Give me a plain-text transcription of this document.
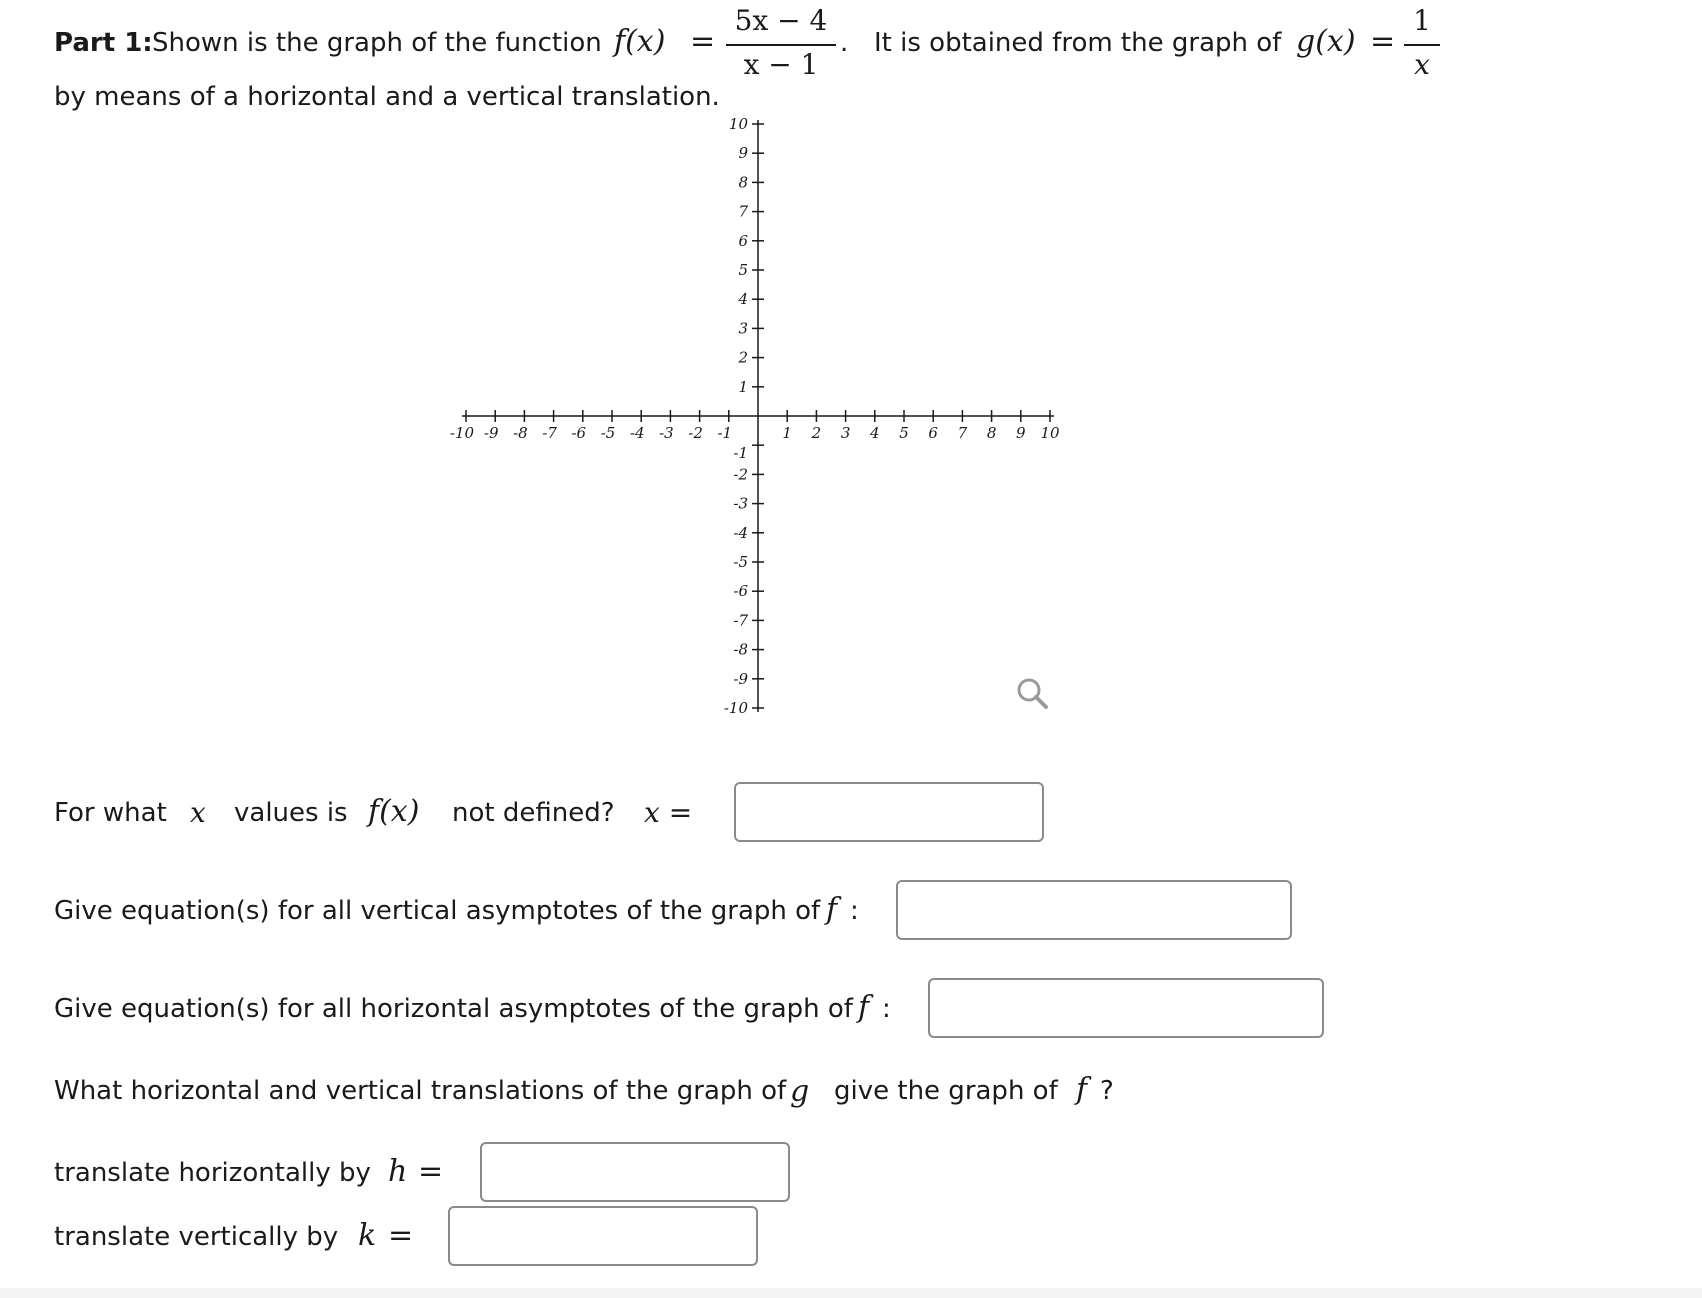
Part 1: Shown is the graph of the function f(x) =
5x − 4
x − 1
. It is obtained from the graph of g(x) =
1
x
by means of a horizontal and a vertical translation.
-10 -9 -8 -7 -6 -5 -4 -3 -2 -1	1 2 3 4 5 6 7 8 9 10
10
9
8
7
6
5
4
3
2
1
-1
-2
-3
-4
-5
-6
-7
-8
-9
-10
For what x values is f(x) not defined? x =
Give equation(s) for all vertical asymptotes of the graph of f :
Give equation(s) for all horizontal asymptotes of the graph of f :
What horizontal and vertical translations of the graph of g give the graph of f ?
translate horizontally by h =
translate vertically by k =
